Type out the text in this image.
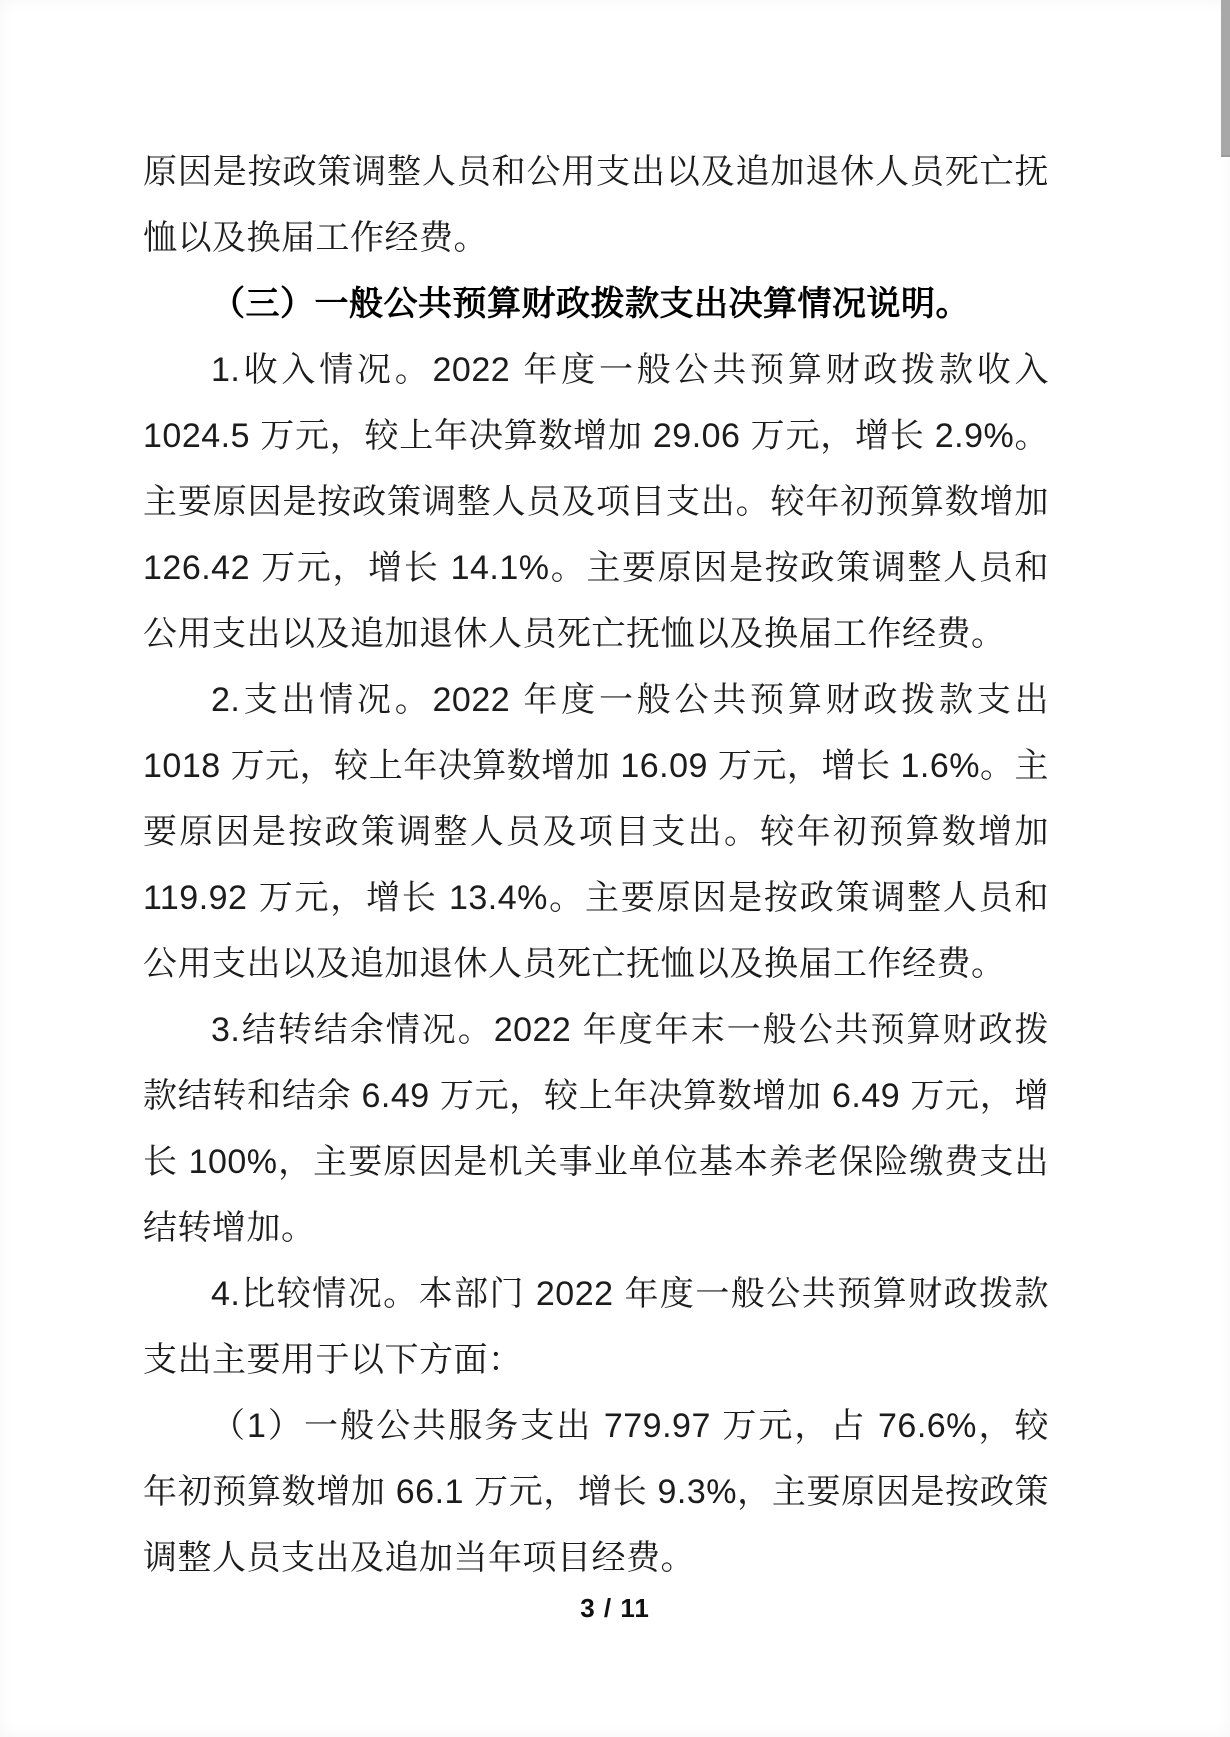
原因是按政策调整人员和公用支出以及追加退休人员死亡抚恤以及换届工作经费。

（三）一般公共预算财政拨款支出决算情况说明。

1.收入情况。2022 年度一般公共预算财政拨款收入 1024.5 万元，较上年决算数增加 29.06 万元，增长 2.9%。主要原因是按政策调整人员及项目支出。较年初预算数增加 126.42 万元，增长 14.1%。主要原因是按政策调整人员和公用支出以及追加退休人员死亡抚恤以及换届工作经费。

2.支出情况。2022 年度一般公共预算财政拨款支出 1018 万元，较上年决算数增加 16.09 万元，增长 1.6%。主要原因是按政策调整人员及项目支出。较年初预算数增加 119.92 万元，增长 13.4%。主要原因是按政策调整人员和公用支出以及追加退休人员死亡抚恤以及换届工作经费。

3.结转结余情况。2022 年度年末一般公共预算财政拨款结转和结余 6.49 万元，较上年决算数增加 6.49 万元，增长 100%，主要原因是机关事业单位基本养老保险缴费支出结转增加。

4.比较情况。本部门 2022 年度一般公共预算财政拨款支出主要用于以下方面：

（1）一般公共服务支出 779.97 万元，占 76.6%，较年初预算数增加 66.1 万元，增长 9.3%，主要原因是按政策调整人员支出及追加当年项目经费。

3 / 11
